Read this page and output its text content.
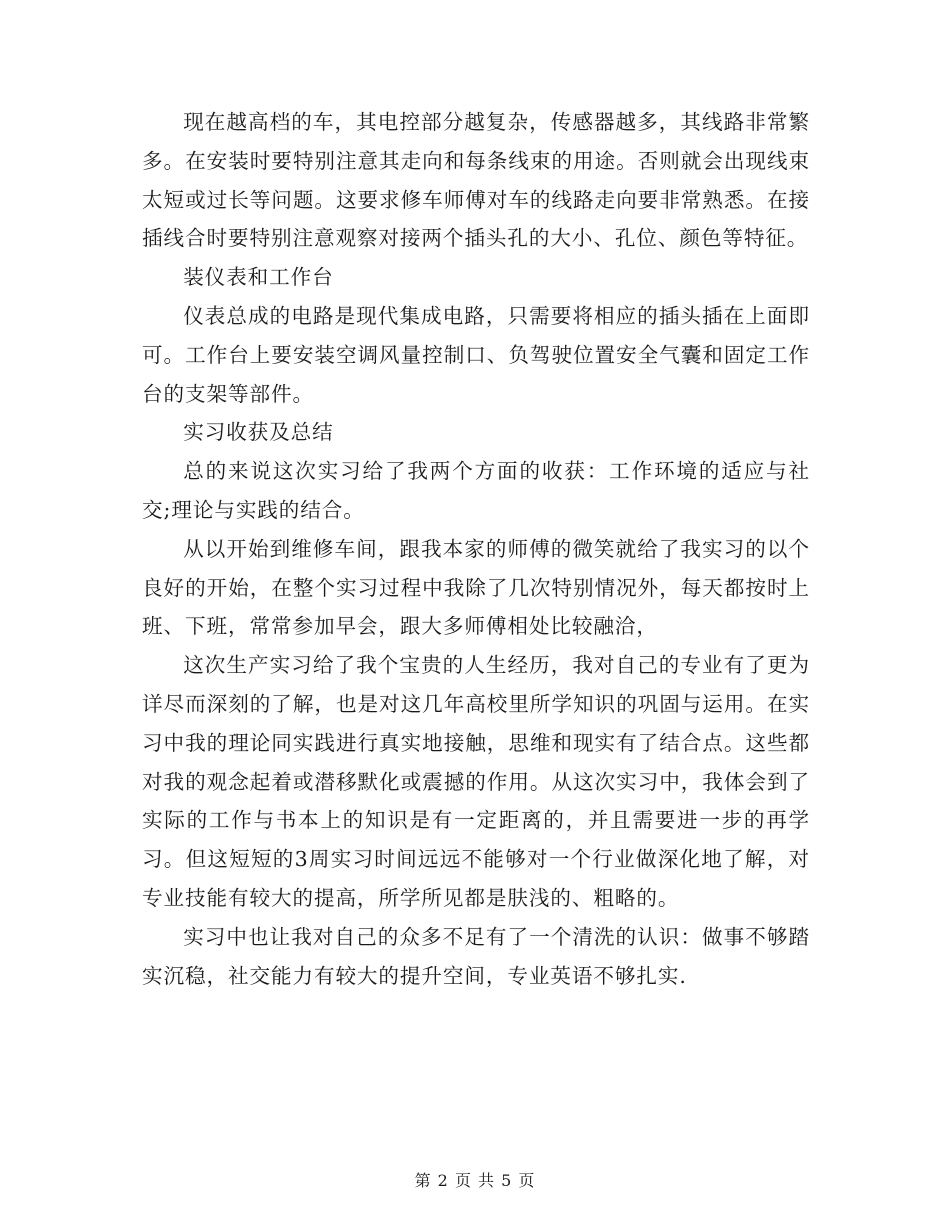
现在越高档的车，其电控部分越复杂，传感器越多，其线路非常繁多。在安装时要特别注意其走向和每条线束的用途。否则就会出现线束太短或过长等问题。这要求修车师傅对车的线路走向要非常熟悉。在接插线合时要特别注意观察对接两个插头孔的大小、孔位、颜色等特征。

装仪表和工作台

仪表总成的电路是现代集成电路，只需要将相应的插头插在上面即可。工作台上要安装空调风量控制口、负驾驶位置安全气囊和固定工作台的支架等部件。

实习收获及总结

总的来说这次实习给了我两个方面的收获：工作环境的适应与社交;理论与实践的结合。

从以开始到维修车间，跟我本家的师傅的微笑就给了我实习的以个良好的开始，在整个实习过程中我除了几次特别情况外，每天都按时上班、下班，常常参加早会，跟大多师傅相处比较融洽，

这次生产实习给了我个宝贵的人生经历，我对自己的专业有了更为详尽而深刻的了解，也是对这几年高校里所学知识的巩固与运用。在实习中我的理论同实践进行真实地接触，思维和现实有了结合点。这些都对我的观念起着或潜移默化或震撼的作用。从这次实习中，我体会到了实际的工作与书本上的知识是有一定距离的，并且需要进一步的再学习。但这短短的3周实习时间远远不能够对一个行业做深化地了解，对专业技能有较大的提高，所学所见都是肤浅的、粗略的。

实习中也让我对自己的众多不足有了一个清洗的认识：做事不够踏实沉稳，社交能力有较大的提升空间，专业英语不够扎实.

第 2 页 共 5 页
